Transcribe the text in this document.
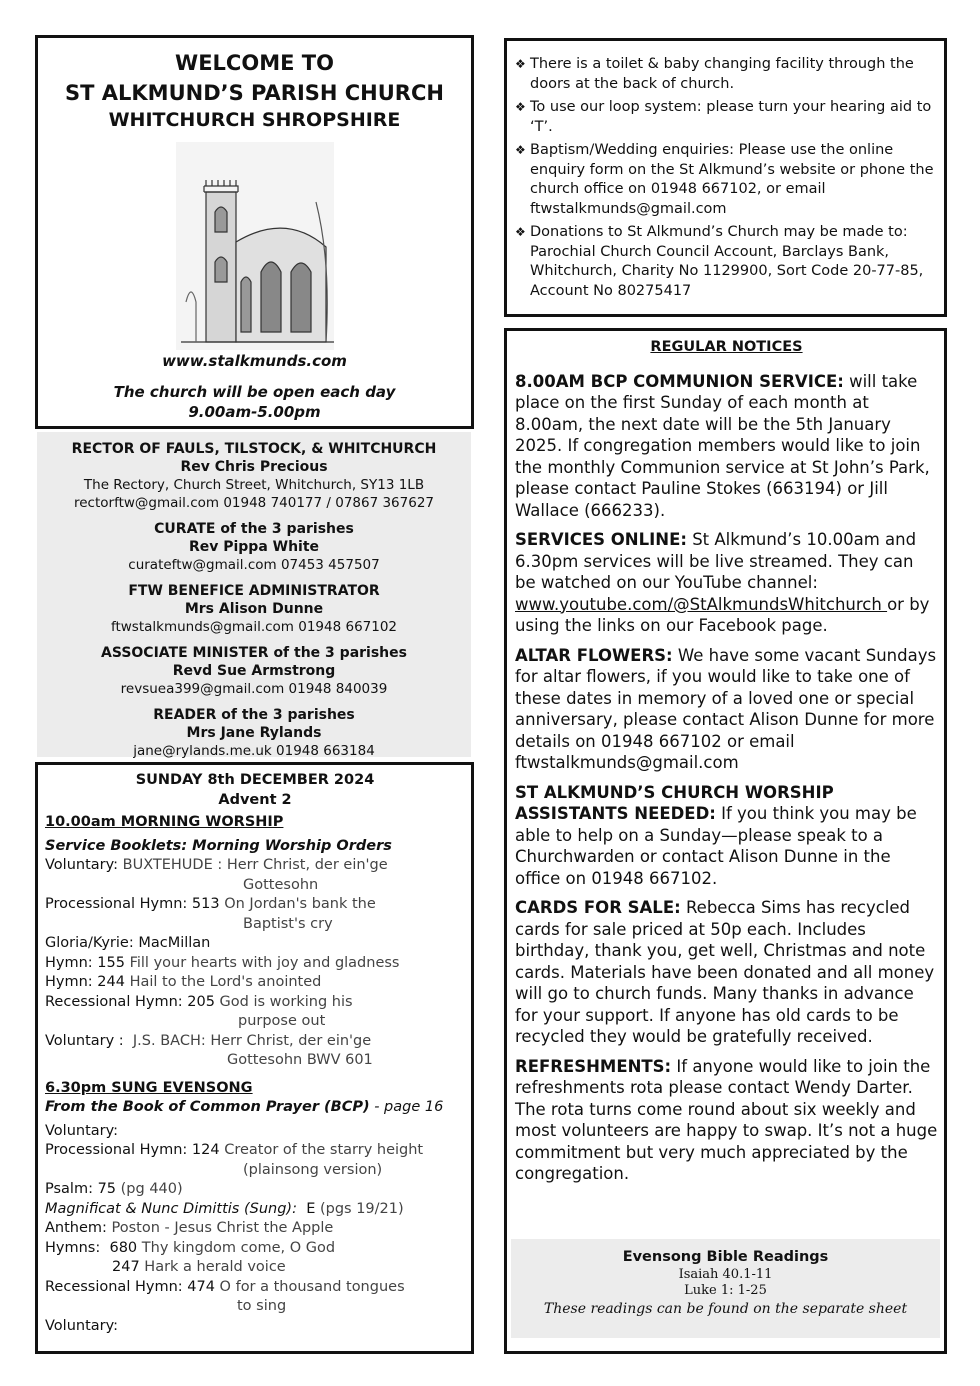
WELCOME TO
ST ALKMUND’S PARISH CHURCH
WHITCHURCH SHROPSHIRE
www.stalkmunds.com
The church will be open each day
9.00am-5.00pm
RECTOR OF FAULS, TILSTOCK, & WHITCHURCH
Rev Chris Precious
The Rectory, Church Street, Whitchurch, SY13 1LB
rectorftw@gmail.com 01948 740177 / 07867 367627
CURATE of the 3 parishes
Rev Pippa White
curateftw@gmail.com 07453 457507
FTW BENEFICE ADMINISTRATOR
Mrs Alison Dunne
ftwstalkmunds@gmail.com 01948 667102
ASSOCIATE MINISTER of the 3 parishes
Revd Sue Armstrong
revsuea399@gmail.com 01948 840039
READER of the 3 parishes
Mrs Jane Rylands
jane@rylands.me.uk 01948 663184
SUNDAY 8th DECEMBER 2024
Advent 2
10.00am MORNING WORSHIP
Service Booklets: Morning Worship Orders
Voluntary: BUXTEHUDE : Herr Christ, der ein'ge
Gottesohn
Processional Hymn: 513 On Jordan's bank the
Baptist's cry
Gloria/Kyrie: MacMillan
Hymn: 155 Fill your hearts with joy and gladness
Hymn: 244 Hail to the Lord's anointed
Recessional Hymn: 205 God is working his
purpose out
Voluntary :  J.S. BACH: Herr Christ, der ein'ge
Gottesohn BWV 601
6.30pm SUNG EVENSONG
From the Book of Common Prayer (BCP) - page 16
Voluntary:
Processional Hymn: 124 Creator of the starry height
(plainsong version)
Psalm: 75 (pg 440)
Magnificat & Nunc Dimittis (Sung):  E (pgs 19/21)
Anthem: Poston - Jesus Christ the Apple
Hymns:  680 Thy kingdom come, O God
247 Hark a herald voice
Recessional Hymn: 474 O for a thousand tongues
to sing
Voluntary:
❖ There is a toilet & baby changing facility through the doors at the back of church.
❖ To use our loop system: please turn your hearing aid to ‘T’.
❖ Baptism/Wedding enquiries: Please use the online enquiry form on the St Alkmund’s website or phone the church office on 01948 667102, or email ftwstalkmunds@gmail.com
❖ Donations to St Alkmund’s Church may be made to: Parochial Church Council Account, Barclays Bank, Whitchurch, Charity No 1129900, Sort Code 20-77-85, Account No 80275417
REGULAR NOTICES

8.00AM BCP COMMUNION SERVICE: will take place on the first Sunday of each month at 8.00am, the next date will be the 5th January 2025. If congregation members would like to join the monthly Communion service at St John’s Park, please contact Pauline Stokes (663194) or Jill Wallace (666233).

SERVICES ONLINE: St Alkmund’s 10.00am and 6.30pm services will be live streamed. They can be watched on our YouTube channel: www.youtube.com/@StAlkmundsWhitchurch or by using the links on our Facebook page.

ALTAR FLOWERS: We have some vacant Sundays for altar flowers, if you would like to take one of these dates in memory of a loved one or special anniversary, please contact Alison Dunne for more details on 01948 667102 or email ftwstalkmunds@gmail.com

ST ALKMUND’S CHURCH WORSHIP ASSISTANTS NEEDED: If you think you may be able to help on a Sunday—please speak to a Churchwarden or contact Alison Dunne in the office on 01948 667102.

CARDS FOR SALE: Rebecca Sims has recycled cards for sale priced at 50p each. Includes birthday, thank you, get well, Christmas and note cards. Materials have been donated and all money will go to church funds. Many thanks in advance for your support. If anyone has old cards to be recycled they would be gratefully received.

REFRESHMENTS: If anyone would like to join the refreshments rota please contact Wendy Darter. The rota turns come round about six weekly and most volunteers are happy to swap. It’s not a huge commitment but very much appreciated by the congregation.

Evensong Bible Readings
Isaiah 40.1-11
Luke 1: 1-25
These readings can be found on the separate sheet
